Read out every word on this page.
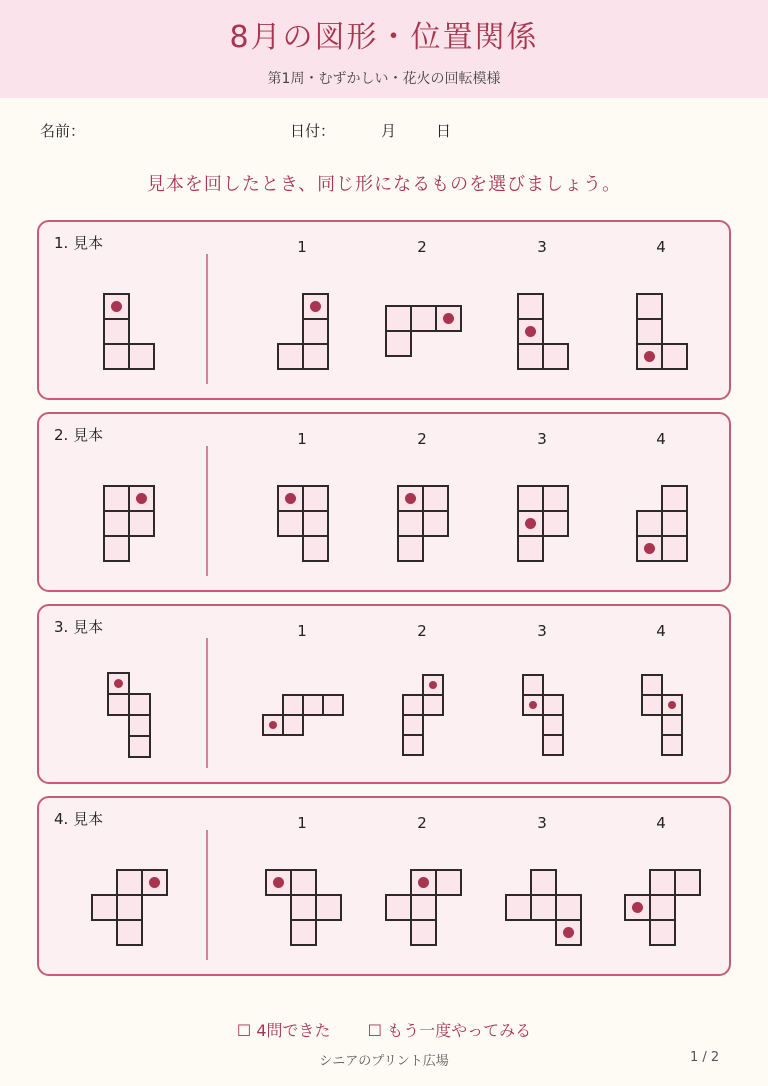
8月の図形・位置関係
第1周・むずかしい・花火の回転模様
名前：	日付：	月	日
見本を回したとき、同じ形になるものを選びましょう。
1. 見本	1	2	3	4
2. 見本	1	2	3	4
3. 見本	1	2	3	4
4. 見本	1	2	3	4
☐ 4問できた ☐ もう一度やってみる
シニアのプリント広場	1 / 2
